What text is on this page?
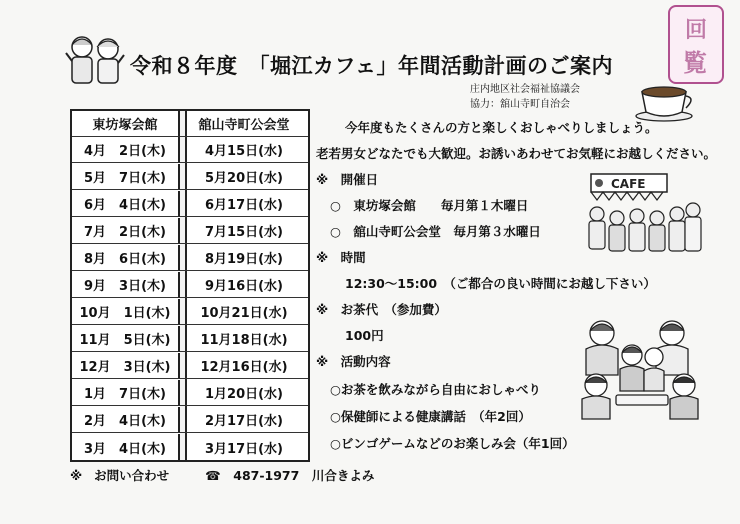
令和８年度　「堀江カフェ」年間活動計画のご案内
回
覧
庄内地区社会福祉協議会
協力：舘山寺町自治会
東坊塚会館	舘山寺町公会堂
4月　2日(木)	4月15日(水)
5月　7日(木)	5月20日(水)
6月　4日(木)	6月17日(水)
7月　2日(木)	7月15日(水)
8月　6日(木)	8月19日(水)
9月　3日(木)	9月16日(水)
10月　1日(木)	10月21日(水)
11月　5日(木)	11月18日(水)
12月　3日(木)	12月16日(水)
1月　7日(木)	1月20日(水)
2月　4日(木)	2月17日(水)
3月　4日(木)	3月17日(水)
今年度もたくさんの方と楽しくおしゃべりしましょう。
老若男女どなたでも大歓迎。お誘いあわせてお気軽にお越しください。
※　開催日
○　東坊塚会館　　毎月第１木曜日
○　舘山寺町公会堂　毎月第３水曜日
※　時間
12:30～15:00　（ご都合の良い時間にお越し下さい）
※　お茶代　（参加費）
100円
※　活動内容
○お茶を飲みながら自由におしゃべり
○保健師による健康講話　（年2回）
○ビンゴゲームなどのお楽しみ会（年1回）
CAFE
※ お問い合わせ	☎　487-1977　川合きよみ
